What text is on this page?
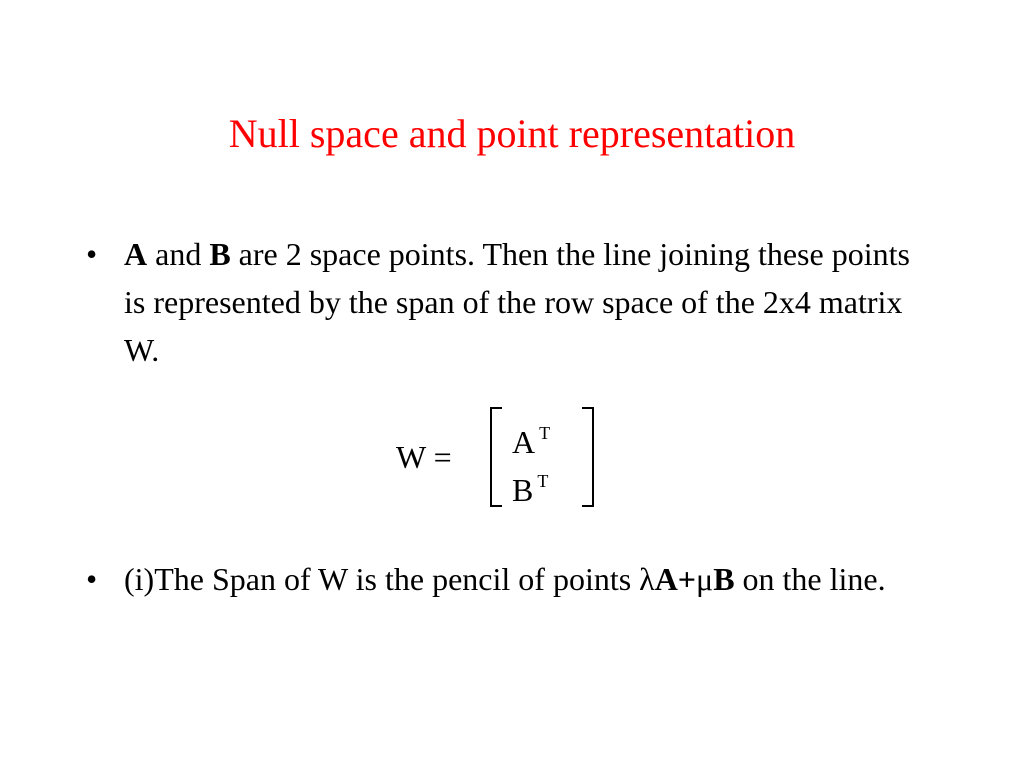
Null space and point representation
• A and B are 2 space points. Then the line joining these points is represented by the span of the row space of the 2x4 matrix W.
W = A $^T$
B $^T$
• (i)The Span of W is the pencil of points λA+μB on the line.
